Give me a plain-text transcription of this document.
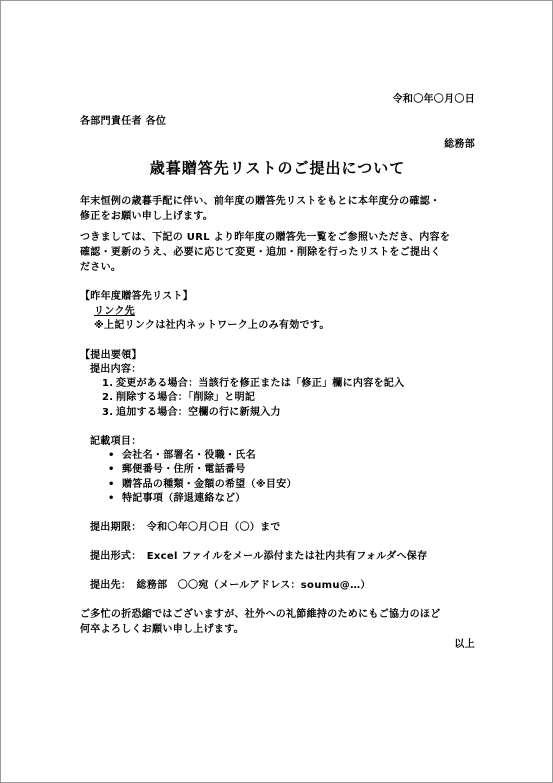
令和〇年〇月〇日
各部門責任者 各位
総務部
歳暮贈答先リストのご提出について
年末恒例の歳暮手配に伴い、前年度の贈答先リストをもとに本年度分の確認・
修正をお願い申し上げます。
つきましては、下記の URL より昨年度の贈答先一覧をご参照いただき、内容を
確認・更新のうえ、必要に応じて変更・追加・削除を行ったリストをご提出く
ださい。
【昨年度贈答先リスト】
リンク先
※上記リンクは社内ネットワーク上のみ有効です。
【提出要領】
提出内容：
1. 変更がある場合：当該行を修正または「修正」欄に内容を記入
2. 削除する場合：「削除」と明記
3. 追加する場合：空欄の行に新規入力
記載項目：
• 会社名・部署名・役職・氏名
• 郵便番号・住所・電話番号
• 贈答品の種類・金額の希望（※目安）
• 特記事項（辞退連絡など）
提出期限：　令和〇年〇月〇日（〇）まで
提出形式：　Excel ファイルをメール添付または社内共有フォルダへ保存
提出先：　総務部　〇〇宛（メールアドレス：soumu@…）
ご多忙の折恐縮ではございますが、社外への礼節維持のためにもご協力のほど
何卒よろしくお願い申し上げます。
以上
